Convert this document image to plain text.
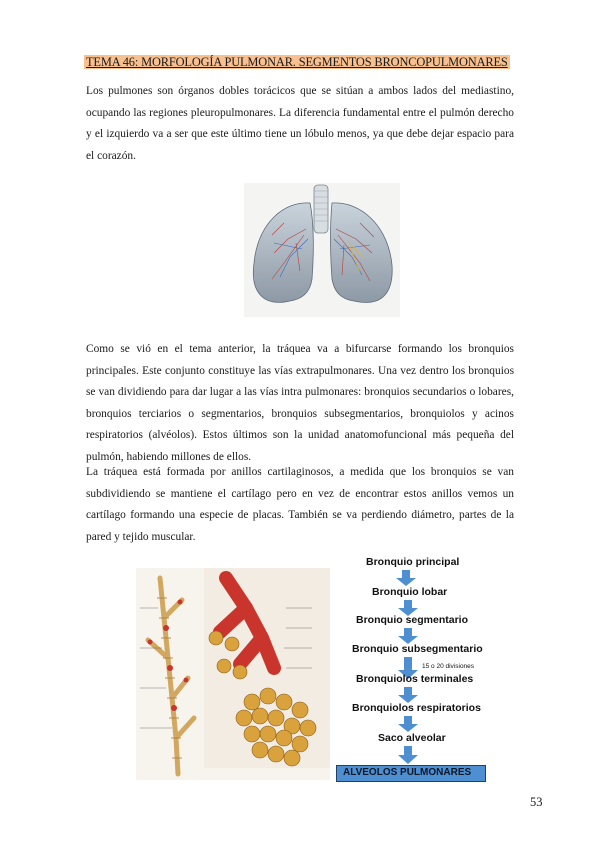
TEMA 46: MORFOLOGÍA PULMONAR. SEGMENTOS BRONCOPULMONARES

Los pulmones son órganos dobles torácicos que se sitúan a ambos lados del mediastino, ocupando las regiones pleuropulmonares. La diferencia fundamental entre el pulmón derecho y el izquierdo va a ser que este último tiene un lóbulo menos, ya que debe dejar espacio para el corazón.

Como se vió en el tema anterior, la tráquea va a bifurcarse formando los bronquios principales. Este conjunto constituye las vías extrapulmonares. Una vez dentro los bronquios se van dividiendo para dar lugar a las vías intra pulmonares: bronquios secundarios o lobares, bronquios terciarios o segmentarios, bronquios subsegmentarios, bronquiolos y acinos respiratorios (alvéolos). Estos últimos son la unidad anatomofuncional más pequeña del pulmón, habiendo millones de ellos.

La tráquea está formada por anillos cartilaginosos, a medida que los bronquios se van subdividiendo se mantiene el cartílago pero en vez de encontrar estos anillos vemos un cartílago formando una especie de placas. También se va perdiendo diámetro, partes de la pared y tejido muscular.

Bronquio principal
Bronquio lobar
Bronquio segmentario
Bronquio subsegmentario
15 o 20 divisiones
Bronquiolos terminales
Bronquiolos respiratorios
Saco alveolar
ALVEOLOS PULMONARES
53
